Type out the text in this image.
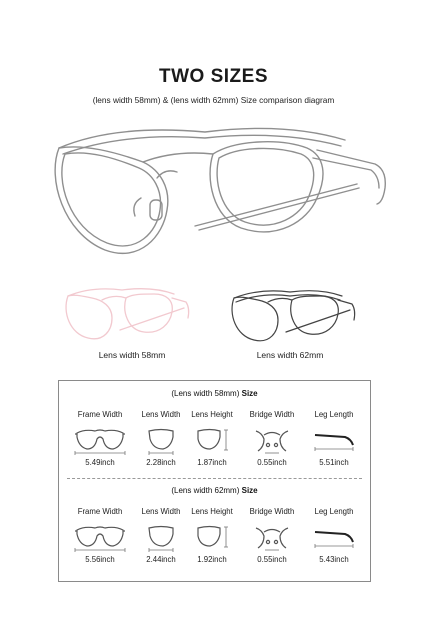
TWO SIZES
(lens width 58mm) & (lens width 62mm) Size comparison diagram
Lens width 58mm	Lens width 62mm
(Lens width 58mm) Size
Frame Width
5.49inch
Lens Width
2.28inch
Lens Height
1.87inch
Bridge Width
0.55inch
Leg Length
5.51inch
(Lens width 62mm) Size
Frame Width
5.56inch
Lens Width
2.44inch
Lens Height
1.92inch
Bridge Width
0.55inch
Leg Length
5.43inch
